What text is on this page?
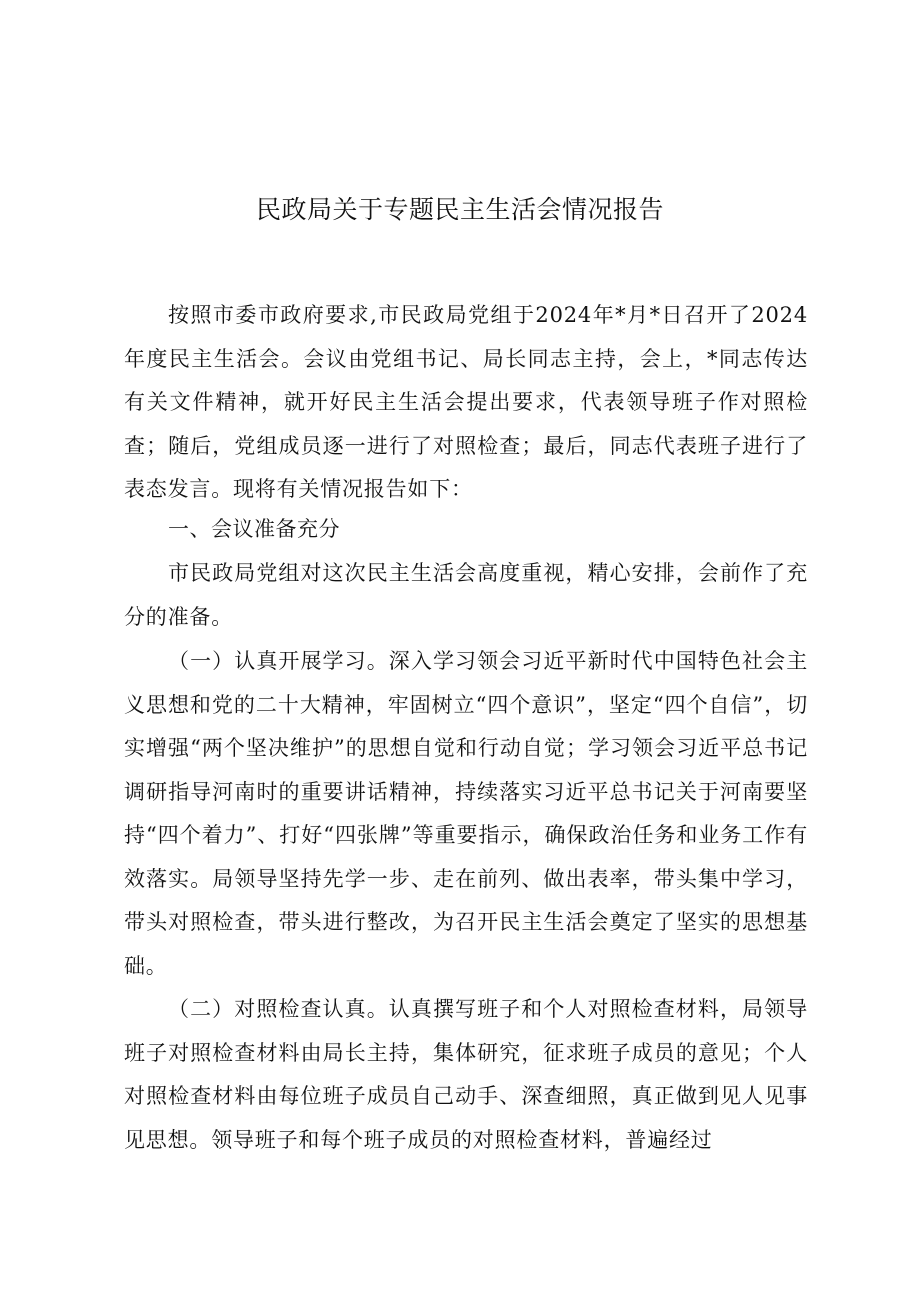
民政局关于专题民主生活会情况报告

按照市委市政府要求,市民政局党组于2024年*月*日召开了2024年度民主生活会。会议由党组书记、局长同志主持，会上，*同志传达有关文件精神，就开好民主生活会提出要求，代表领导班子作对照检查；随后，党组成员逐一进行了对照检查；最后，同志代表班子进行了表态发言。现将有关情况报告如下：

一、会议准备充分

市民政局党组对这次民主生活会高度重视，精心安排，会前作了充分的准备。

（一）认真开展学习。深入学习领会习近平新时代中国特色社会主义思想和党的二十大精神，牢固树立“四个意识”，坚定“四个自信”，切实增强“两个坚决维护”的思想自觉和行动自觉；学习领会习近平总书记调研指导河南时的重要讲话精神，持续落实习近平总书记关于河南要坚持“四个着力”、打好“四张牌”等重要指示，确保政治任务和业务工作有效落实。局领导坚持先学一步、走在前列、做出表率，带头集中学习，带头对照检查，带头进行整改，为召开民主生活会奠定了坚实的思想基础。

（二）对照检查认真。认真撰写班子和个人对照检查材料，局领导班子对照检查材料由局长主持，集体研究，征求班子成员的意见；个人对照检查材料由每位班子成员自己动手、深查细照，真正做到见人见事见思想。领导班子和每个班子成员的对照检查材料，普遍经过
